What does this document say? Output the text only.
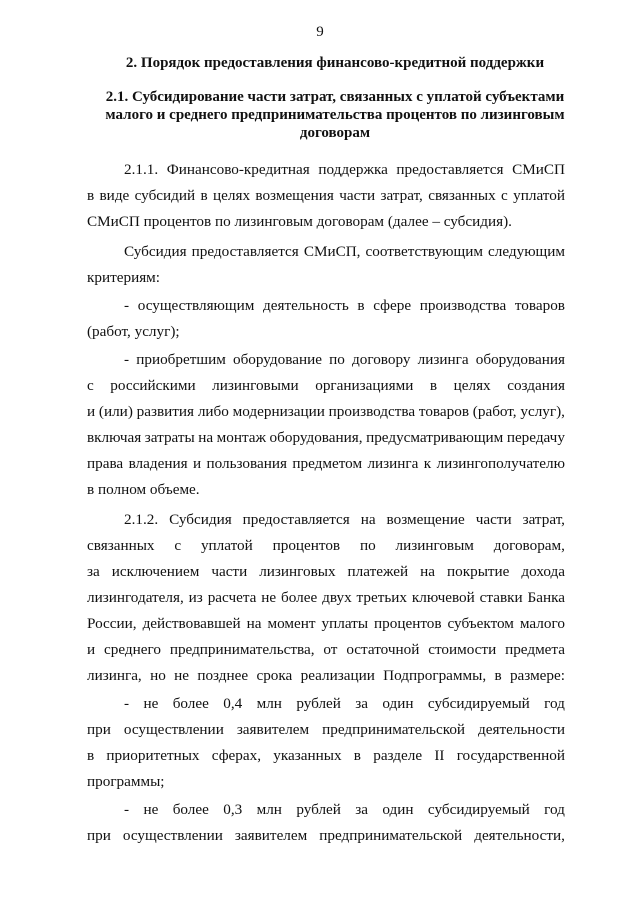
9
2. Порядок предоставления финансово-кредитной поддержки
2.1. Субсидирование части затрат, связанных с уплатой субъектами малого и среднего предпринимательства процентов по лизинговым договорам
2.1.1. Финансово-кредитная поддержка предоставляется СМиСП
в виде субсидий в целях возмещения части затрат, связанных с уплатой
СМиСП процентов по лизинговым договорам (далее – субсидия).
Субсидия предоставляется СМиСП, соответствующим следующим
критериям:
- осуществляющим деятельность в сфере производства товаров
(работ, услуг);
- приобретшим оборудование по договору лизинга оборудования
с российскими лизинговыми организациями в целях создания
и (или) развития либо модернизации производства товаров (работ, услуг),
включая затраты на монтаж оборудования, предусматривающим передачу
права владения и пользования предметом лизинга к лизингополучателю
в полном объеме.
2.1.2. Субсидия предоставляется на возмещение части затрат,
связанных с уплатой процентов по лизинговым договорам,
за исключением части лизинговых платежей на покрытие дохода
лизингодателя, из расчета не более двух третьих ключевой ставки Банка
России, действовавшей на момент уплаты процентов субъектом малого
и среднего предпринимательства, от остаточной стоимости предмета
лизинга, но не позднее срока реализации Подпрограммы, в размере:
- не более 0,4 млн рублей за один субсидируемый год
при осуществлении заявителем предпринимательской деятельности
в приоритетных сферах, указанных в разделе II государственной
программы;
- не более 0,3 млн рублей за один субсидируемый год
при осуществлении заявителем предпринимательской деятельности,
